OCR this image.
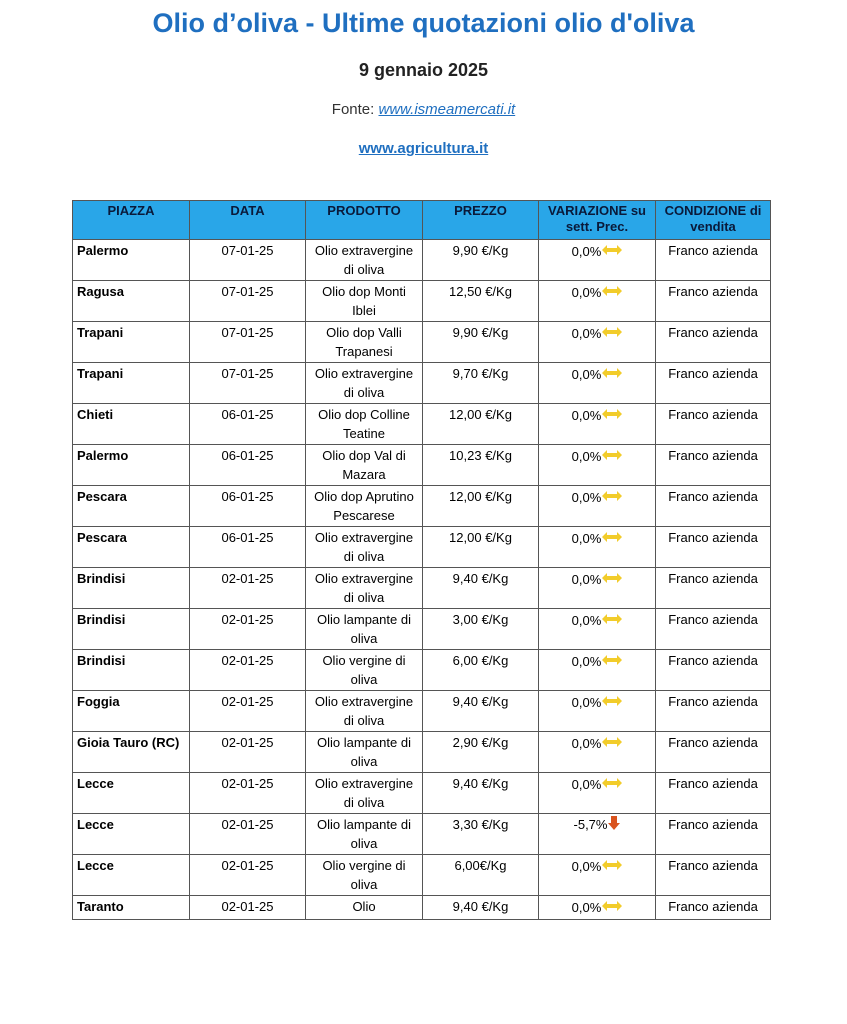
Olio d’oliva - Ultime quotazioni olio d'oliva
9 gennaio 2025
Fonte: www.ismeamercati.it
www.agricultura.it
PIAZZA	DATA	PRODOTTO	PREZZO	VARIAZIONE su sett. Prec.	CONDIZIONE di vendita
Palermo	07-01-25	Olio extravergine di oliva	9,90 €/Kg	0,0%	Franco azienda
Ragusa	07-01-25	Olio dop Monti Iblei	12,50 €/Kg	0,0%	Franco azienda
Trapani	07-01-25	Olio dop Valli Trapanesi	9,90 €/Kg	0,0%	Franco azienda
Trapani	07-01-25	Olio extravergine di oliva	9,70 €/Kg	0,0%	Franco azienda
Chieti	06-01-25	Olio dop Colline Teatine	12,00 €/Kg	0,0%	Franco azienda
Palermo	06-01-25	Olio dop Val di Mazara	10,23 €/Kg	0,0%	Franco azienda
Pescara	06-01-25	Olio dop Aprutino Pescarese	12,00 €/Kg	0,0%	Franco azienda
Pescara	06-01-25	Olio extravergine di oliva	12,00 €/Kg	0,0%	Franco azienda
Brindisi	02-01-25	Olio extravergine di oliva	9,40 €/Kg	0,0%	Franco azienda
Brindisi	02-01-25	Olio lampante di oliva	3,00 €/Kg	0,0%	Franco azienda
Brindisi	02-01-25	Olio vergine di oliva	6,00 €/Kg	0,0%	Franco azienda
Foggia	02-01-25	Olio extravergine di oliva	9,40 €/Kg	0,0%	Franco azienda
Gioia Tauro (RC)	02-01-25	Olio lampante di oliva	2,90 €/Kg	0,0%	Franco azienda
Lecce	02-01-25	Olio extravergine di oliva	9,40 €/Kg	0,0%	Franco azienda
Lecce	02-01-25	Olio lampante di oliva	3,30 €/Kg	-5,7%	Franco azienda
Lecce	02-01-25	Olio vergine di oliva	6,00€/Kg	0,0%	Franco azienda
Taranto	02-01-25	Olio	9,40 €/Kg	0,0%	Franco azienda
